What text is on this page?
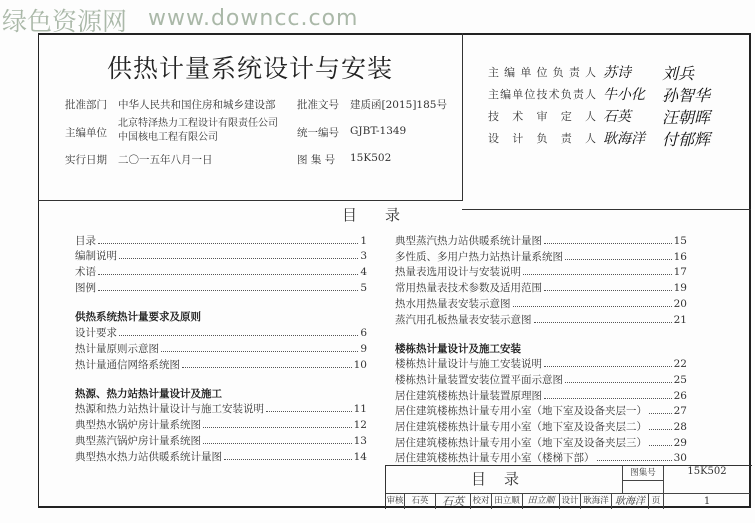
绿色资源网 www.downcc.com
供热计量系统设计与安装
批准部门 中华人民共和国住房和城乡建设部 批准文号 建质函[2015]185号
主编单位
北京特泽热力工程设计有限责任公司
中国核电工程有限公司	统一编号 GJBT-1349
实行日期 二〇一五年八月一日	图 集 号 15K502
主编单位负责人 苏诗 刘兵
主编单位技术负责人 牛小化 孙智华
技术审定人 石英 汪朝晖
设计负责人 耿海洋 付郁辉
目录
目录	1
编制说明	3
术语	4
图例	5
供热系统热计量要求及原则
设计要求	6
热计量原则示意图	9
热计量通信网络系统图	10
热源、热力站热计量设计及施工
热源和热力站热计量设计与施工安装说明	11
典型热水锅炉房计量系统图	12
典型蒸汽锅炉房计量系统图	13
典型热水热力站供暖系统计量图	14
典型蒸汽热力站供暖系统计量图	15
多性质、多用户热力站热计量系统图	16
热量表选用设计与安装说明	17
常用热量表技术参数及适用范围	19
热水用热量表安装示意图	20
蒸汽用孔板热量表安装示意图	21
楼栋热计量设计及施工安装
楼栋热计量设计与施工安装说明	22
楼栋热计量装置安装位置平面示意图	25
居住建筑楼栋热计量装置原理图	26
居住建筑楼栋热计量专用小室（地下室及设备夹层一）	27
居住建筑楼栋热计量专用小室（地下室及设备夹层二）	28
居住建筑楼栋热计量专用小室（地下室及设备夹层三）	29
居住建筑楼栋热计量专用小室（楼梯下部）	30
目录	图集号	15K502
审核 石英	石英 校对 田立顺 田立顺 设计 耿海洋 耿海洋 页	1
